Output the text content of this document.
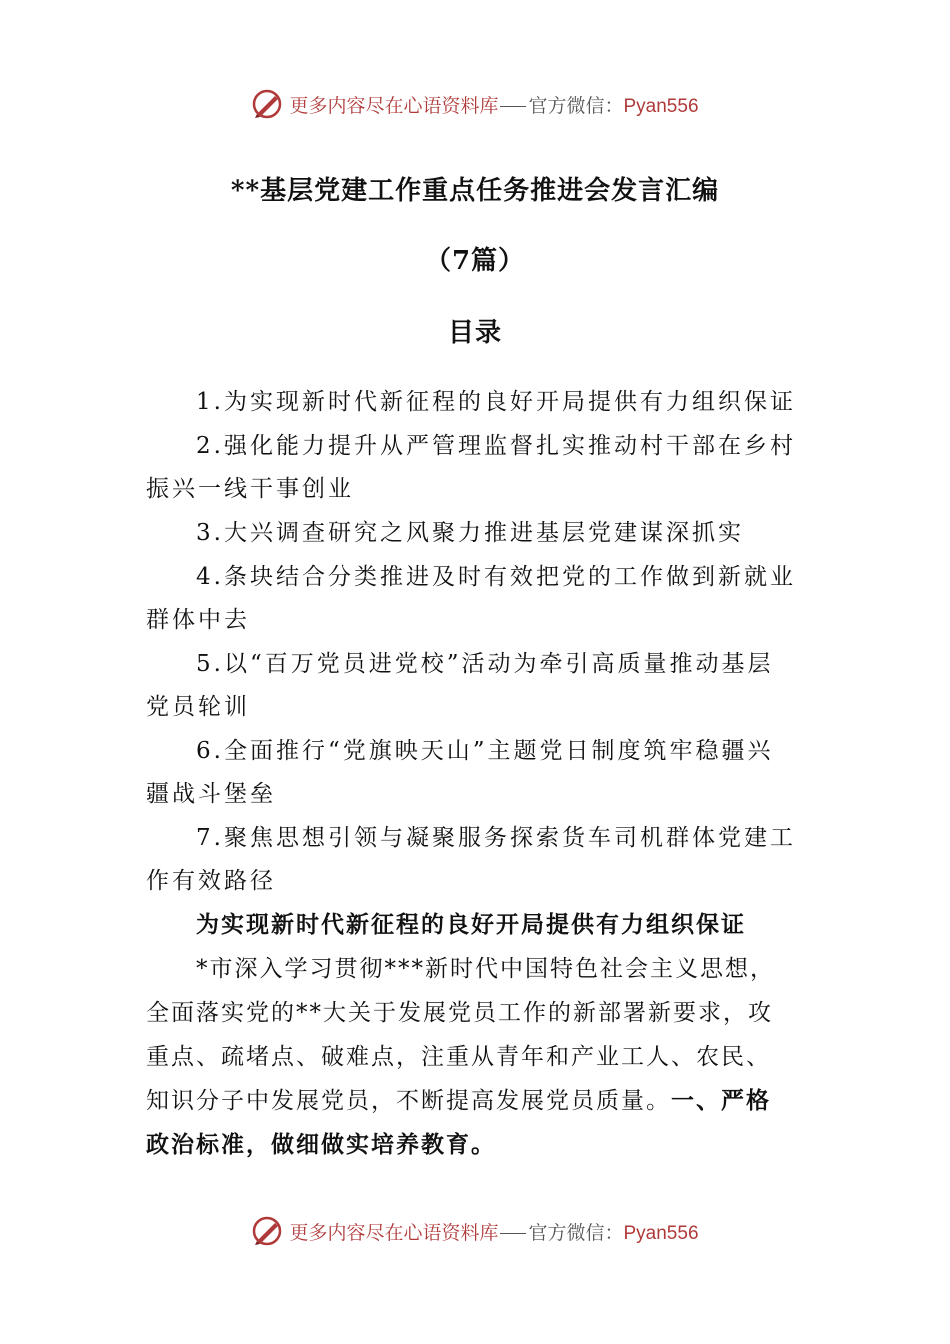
更多内容尽在心语资料库 官方微信：Pyan556
**基层党建工作重点任务推进会发言汇编
（7篇）
目录
1.为实现新时代新征程的良好开局提供有力组织保证
2.强化能力提升从严管理监督扎实推动村干部在乡村
振兴一线干事创业
3.大兴调查研究之风聚力推进基层党建谋深抓实
4.条块结合分类推进及时有效把党的工作做到新就业
群体中去
5.以“百万党员进党校”活动为牵引高质量推动基层
党员轮训
6.全面推行“党旗映天山”主题党日制度筑牢稳疆兴
疆战斗堡垒
7.聚焦思想引领与凝聚服务探索货车司机群体党建工
作有效路径
为实现新时代新征程的良好开局提供有力组织保证
*市深入学习贯彻***新时代中国特色社会主义思想，
全面落实党的**大关于发展党员工作的新部署新要求，攻
重点、疏堵点、破难点，注重从青年和产业工人、农民、
知识分子中发展党员，不断提高发展党员质量。一、严格
政治标准，做细做实培养教育。
更多内容尽在心语资料库 官方微信：Pyan556
